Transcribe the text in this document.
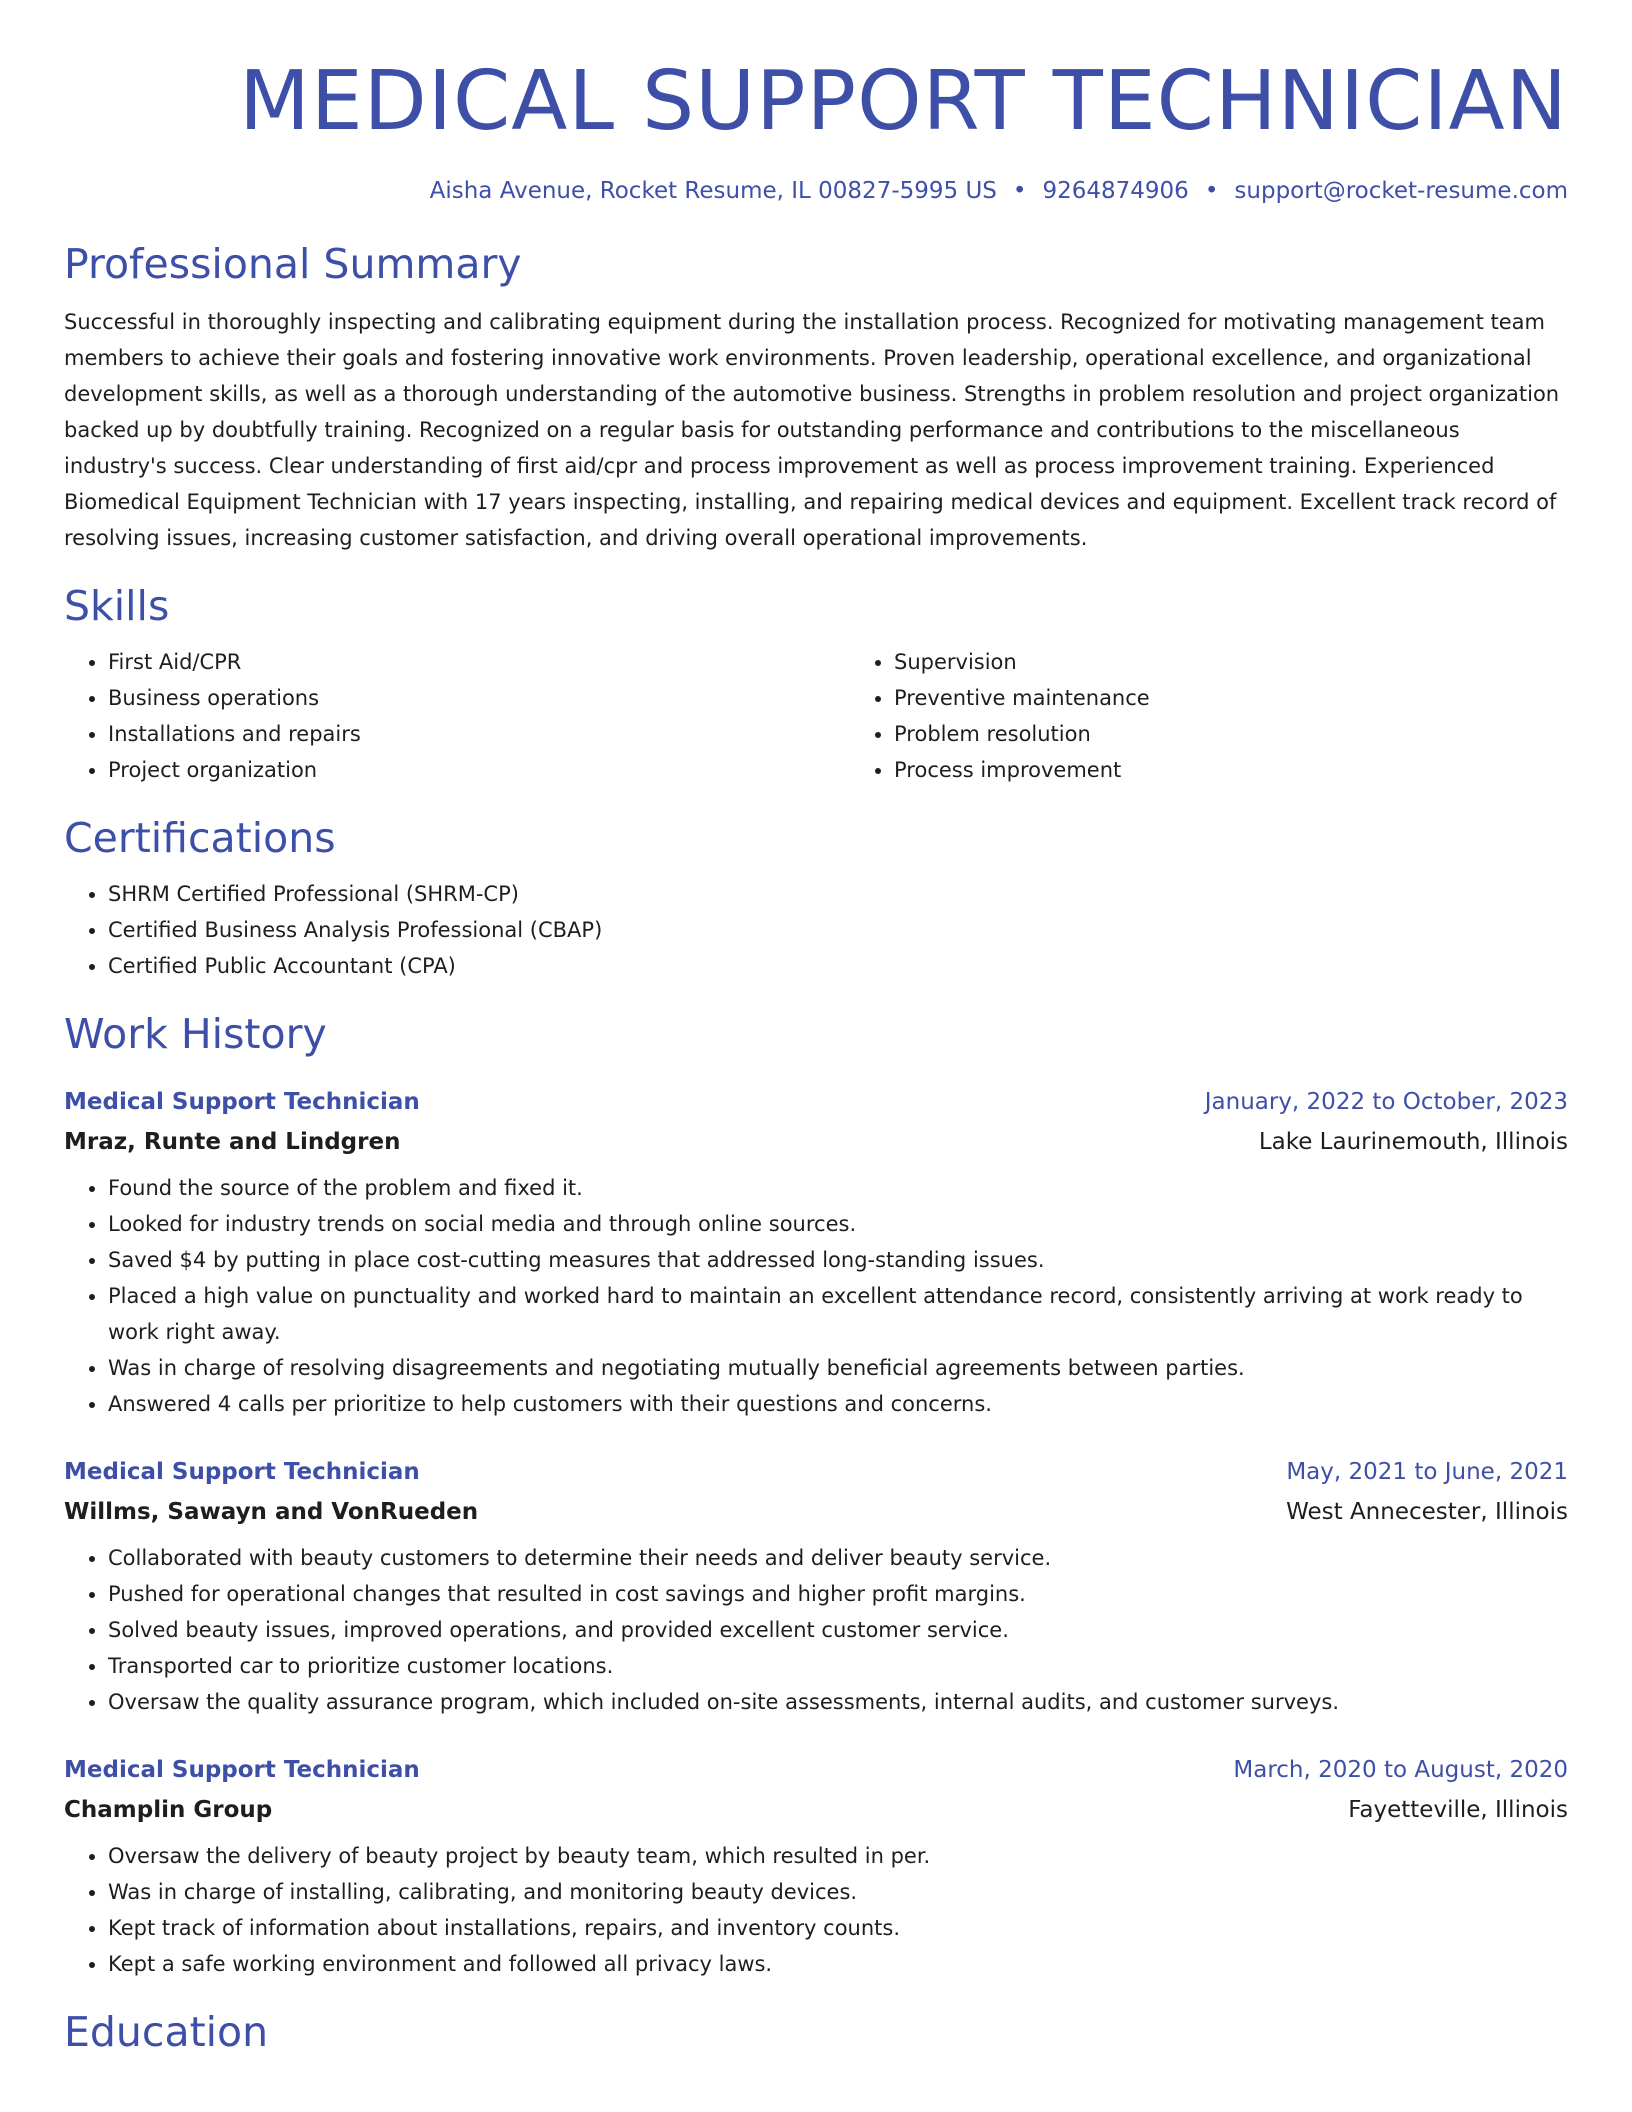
MEDICAL SUPPORT TECHNICIAN
Aisha Avenue, Rocket Resume, IL 00827-5995 US • 9264874906 • support@rocket-resume.com
Professional Summary

Successful in thoroughly inspecting and calibrating equipment during the installation process. Recognized for motivating management team members to achieve their goals and fostering innovative work environments. Proven leadership, operational excellence, and organizational development skills, as well as a thorough understanding of the automotive business. Strengths in problem resolution and project organization backed up by doubtfully training. Recognized on a regular basis for outstanding performance and contributions to the miscellaneous industry's success. Clear understanding of first aid/cpr and process improvement as well as process improvement training. Experienced Biomedical Equipment Technician with 17 years inspecting, installing, and repairing medical devices and equipment. Excellent track record of resolving issues, increasing customer satisfaction, and driving overall operational improvements.

Skills
• First Aid/CPR
• Business operations
• Installations and repairs
• Project organization
• Supervision
• Preventive maintenance
• Problem resolution
• Process improvement
Certifications
• SHRM Certified Professional (SHRM-CP)
• Certified Business Analysis Professional (CBAP)
• Certified Public Accountant (CPA)
Work History
Medical Support Technician	January, 2022 to October, 2023
Mraz, Runte and Lindgren	Lake Laurinemouth, Illinois
• Found the source of the problem and fixed it.
• Looked for industry trends on social media and through online sources.
• Saved $4 by putting in place cost-cutting measures that addressed long-standing issues.
• Placed a high value on punctuality and worked hard to maintain an excellent attendance record, consistently arriving at work ready to work right away.
• Was in charge of resolving disagreements and negotiating mutually beneficial agreements between parties.
• Answered 4 calls per prioritize to help customers with their questions and concerns.
Medical Support Technician	May, 2021 to June, 2021
Willms, Sawayn and VonRueden	West Annecester, Illinois
• Collaborated with beauty customers to determine their needs and deliver beauty service.
• Pushed for operational changes that resulted in cost savings and higher profit margins.
• Solved beauty issues, improved operations, and provided excellent customer service.
• Transported car to prioritize customer locations.
• Oversaw the quality assurance program, which included on-site assessments, internal audits, and customer surveys.
Medical Support Technician	March, 2020 to August, 2020
Champlin Group	Fayetteville, Illinois
• Oversaw the delivery of beauty project by beauty team, which resulted in per.
• Was in charge of installing, calibrating, and monitoring beauty devices.
• Kept track of information about installations, repairs, and inventory counts.
• Kept a safe working environment and followed all privacy laws.
Education
